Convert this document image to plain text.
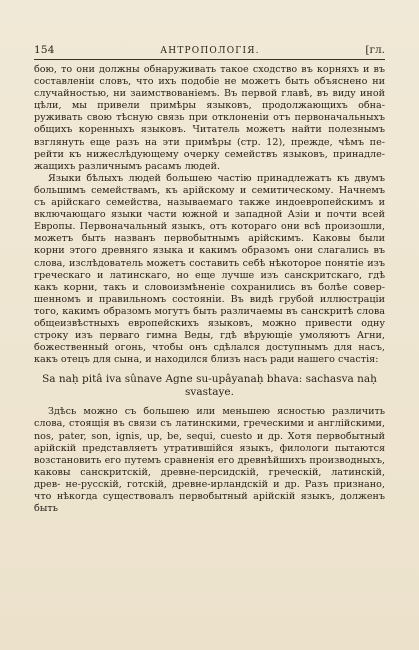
154	АНТРОПОЛОГІЯ.	[гл.

бою, то они должны обнаруживать такое сходство въ корняхъ и въ составленіи словъ, что ихъ подобіе не можетъ быть объяснено ни случайностью, ни заимствованіемъ. Въ первой главѣ, въ виду иной цѣли, мы привели примѣры языковъ, продолжающихъ обна- руживать свою тѣсную связь при отклоненіи отъ первоначальныхъ общихъ коренныхъ языковъ. Читатель можетъ найти полезнымъ взглянуть еще разъ на эти примѣры (стр. 12), прежде, чѣмъ пе- рейти къ нижеслѣдующему очерку семействъ языковъ, принадле- жащихъ различнымъ расамъ людей.

Языки бѣлыхъ людей большею частію принадлежатъ къ двумъ большимъ семействамъ, къ арійскому и семитическому. Начнемъ съ арійскаго семейства, называемаго также индоевропейскимъ и включающаго языки части южной и западной Азіи и почти всей Европы. Первоначальный языкъ, отъ котораго они всѣ произошли, можетъ быть названъ первобытнымъ арійскимъ. Каковы были корни этого древняго языка и какимъ образомъ они слагались въ слова, изслѣдователь можетъ составить себѣ нѣкоторое понятіе изъ греческаго и латинскаго, но еще лучше изъ санскритскаго, гдѣ какъ корни, такъ и словоизмѣненіе сохранились въ болѣе совер- шенномъ и правильномъ состояніи. Въ видѣ грубой иллюстраціи того, какимъ образомъ могутъ быть различаемы въ санскритѣ слова общеизвѣстныхъ европейскихъ языковъ, можно привести одну строку изъ перваго гимна Веды, гдѣ вѣрующіе умоляютъ Агни, божественный огонь, чтобы онъ сдѣлался доступнымъ для насъ, какъ отецъ для сына, и находился близъ насъ ради нашего счастія:

Sa naḥ pitâ iva sûnave Agne su-upâyanaḥ bhava: sachasva naḥ svastaye.

Здѣсь можно съ большею или меньшею ясностью различить слова, стоящія въ связи съ латинскими, греческими и англійскими, nos, pater, son, ignis, up, be, sequi, cuesto и др. Хотя первобытный арійскій представляетъ утратившійся языкъ, филологи пытаются возстановить его путемъ сравненія его древнѣйшихъ производныхъ, каковы санскритскій, древне-персидскій, греческій, латинскій, древ- не-русскій, готскій, древне-ирландскій и др. Разъ признано, что нѣкогда существовалъ первобытный арійскій языкъ, долженъ быть
